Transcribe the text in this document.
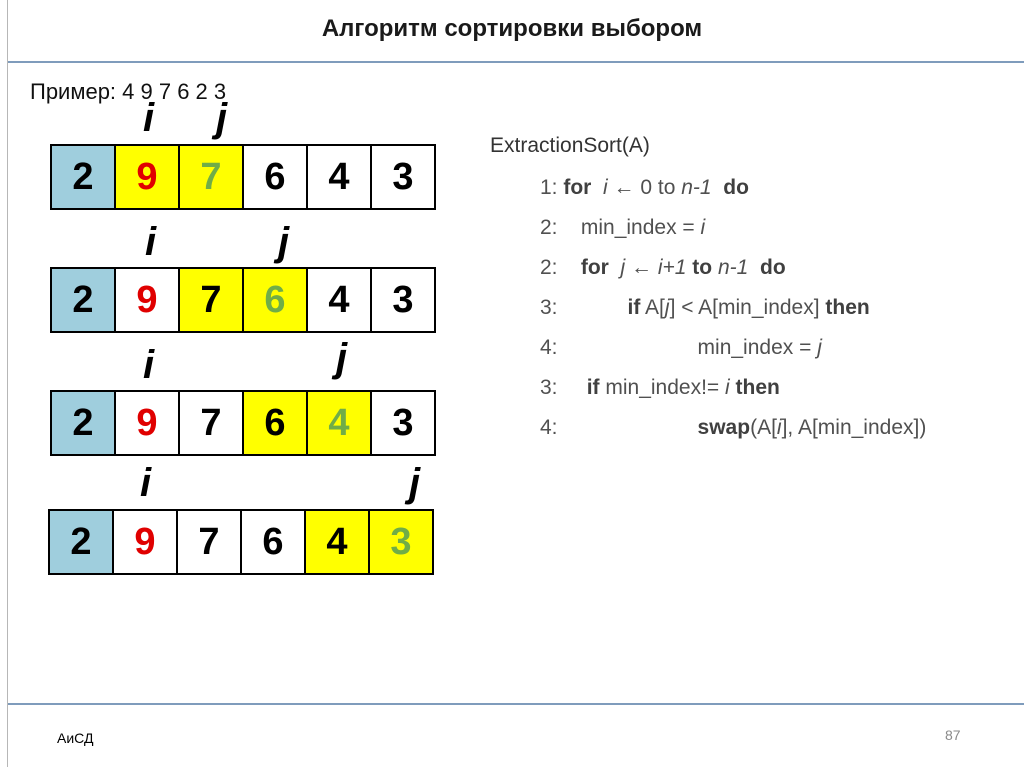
Алгоритм сортировки выбором
Пример: 4 9 7 6 2 3
i j
2	9	7	6	4	3
i	j
2	9	7	6	4	3
i	j
2	9	7	6	4	3
i	j
2	9	7	6	4	3
ExtractionSort(A)
1: for  i ← 0 to n-1  do
2:    min_index = i
2:    for  j ← i+1 to n-1  do
3:            if A[j] < A[min_index] then
4:                        min_index = j
3:     if min_index!= i then
4:                        swap(A[i], A[min_index])
АиСД	87
